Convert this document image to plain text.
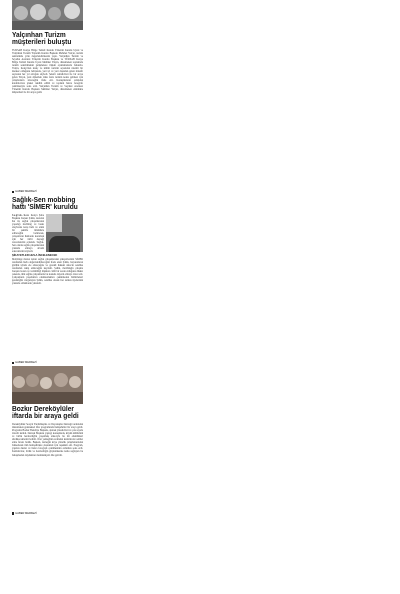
Yalçınhan Turizm müşterileri buluştu

TÜRSAB Konya Bölge Temsil Kurulu Yönetim Kurulu Üyesi ve Yalçınhan Turizm Yönetim Kurulu Başkanı Mehmet Yalçın, turizm sektöründe yılın değerlendirmesini yaptı. Yalçınhan Turizm ve Seyahat Acentesi Yönetim Kurulu Başkanı ve TÜRSAB Konya Bölge Temsil Kurulu Üyesi Mehmet Yalçın, düzenlenen toplantıda turizm sektöründeki gelişmelere ilişkin açıklamalarda bulundu. Yalçın, Konya'nın inanç ve kültür turizmi açısından önemli bir merkez olduğunu belirterek, yurt içi ve yurt dışından gelen misafir sayısının her yıl arttığını söyledi. Sektör temsilcileri ile bir araya gelen Yalçın, yeni dönemde daha fazla turistin kente gelmesi için çalışmaların süreceğini ifade etti. Konuşmaların ardından katılımcılara plaket takdim edildi ve toplantı hatıra fotoğrafı çekilmesiyle sona erdi. Yalçınhan Turizm ve Seyahat Acentesi Yönetim Kurulu Başkanı Mehmet Yalçın, düzenlenen etkinlikte müşterileri ile bir araya geldi.

HABER MERKEZİ
Sağlık-Sen mobbing hattı 'SİMER' kuruldu

Sağlık-Sen Konya Şube Başkanı Kenan Şahin, kurulan hat ile sağlık çalışanlarının yaşadığı mobbing ve baskı olaylarına karşı hızlı ve etkin bir şekilde müdahale edileceğini belirterek, çalışanların haklarını korumak için her türlü desteği vereceklerini açıkladı. Sağlık-Sen olarak sağlık çalışanlarının yanında olmaya devam edeceklerini söyledi.

ŞİKAYETLER HIZLA İNCELENECEK

Mobbinge maruz kalan sağlık çalışanlarının şikayetlerinin SİMER tarafından hızla değerlendirileceğini ifade eden Şahin, başvuruların gizlilik içinde ele alınacağını ve gerekli hukuki sürecin sendika tarafından takip edileceğini kaydetti. Şahin, mobbingin çalışma barışını bozan ve verimliliği düşüren ciddi bir sorun olduğuna dikkat çekerek, tüm sağlık çalışanlarını bu konuda duyarlı olmaya davet etti. Çalışanların yaşadıkları olumsuzlukları çekinmeden bildirmeleri gerektiğini vurgulayan Şahin, sendika olarak her zaman üyelerinin yanında olduklarını yineledi.

HABER MERKEZİ
Bozkır Dereköylüler iftarda bir araya geldi

Dereköylüler Sosyal Yardımlaşma ve Dayanışma Derneği tarafından düzenlenen geleneksel iftar programında hemşehriler bir araya geldi. Programa Bozkır Belediye Başkanı, dernek yöneticileri ve çok sayıda davetli katıldı. Dernek Başkanı yaptığı konuşmada, köyün kültürünü ve birlik beraberliğini yaşatmak amacıyla bu tür etkinlikleri sürdüreceklerini belirtti. İftar yemeğinin ardından katılımcılar sohbet etme fırsatı buldu. Başkan, derneğin köye yönelik çalışmalarından bahsederek tüm hemşehrilere destekleri için teşekkür etti. Program, yapılan dualar ve hatıra fotoğrafı çekilmesinin ardından sona erdi. Katılımcılar, birlik ve beraberliğin güçlenmesine katkı sağlayan bu buluşmadan duydukları memnuniyeti dile getirdi.

HABER MERKEZİ
